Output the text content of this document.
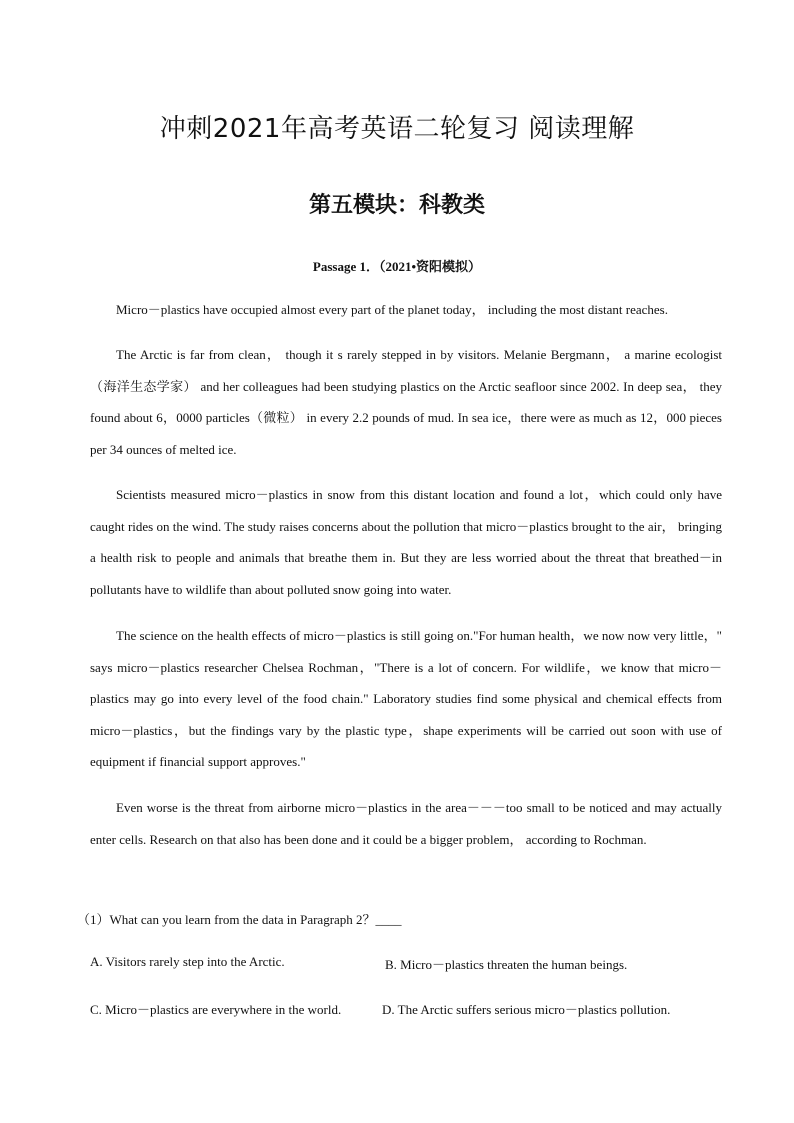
冲刺2021年高考英语二轮复习 阅读理解
第五模块：科教类
Passage 1．（2021•资阳模拟）

Micro－plastics have occupied almost every part of the planet today， including the most distant reaches.

The Arctic is far from clean， though it s rarely stepped in by visitors. Melanie Bergmann， a marine ecologist（海洋生态学家） and her colleagues had been studying plastics on the Arctic seafloor since 2002. In deep sea， they found about 6，0000 particles（微粒） in every 2.2 pounds of mud. In sea ice，there were as much as 12，000 pieces per 34 ounces of melted ice.

Scientists measured micro－plastics in snow from this distant location and found a lot，which could only have caught rides on the wind. The study raises concerns about the pollution that micro－plastics brought to the air， bringing a health risk to people and animals that breathe them in. But they are less worried about the threat that breathed－in pollutants have to wildlife than about polluted snow going into water.

The science on the health effects of micro－plastics is still going on."For human health，we now now very little，" says micro－plastics researcher Chelsea Rochman，"There is a lot of concern. For wildlife，we know that micro－plastics may go into every level of the food chain." Laboratory studies find some physical and chemical effects from micro－plastics，but the findings vary by the plastic type，shape experiments will be carried out soon with use of equipment if financial support approves."

Even worse is the threat from airborne micro－plastics in the area－－－too small to be noticed and may actually enter cells. Research on that also has been done and it could be a bigger problem， according to Rochman.

（1）What can you learn from the data in Paragraph 2？____
A. Visitors rarely step into the Arctic.	B. Micro－plastics threaten the human beings.
C. Micro－plastics are everywhere in the world.	D. The Arctic suffers serious micro－plastics pollution.
